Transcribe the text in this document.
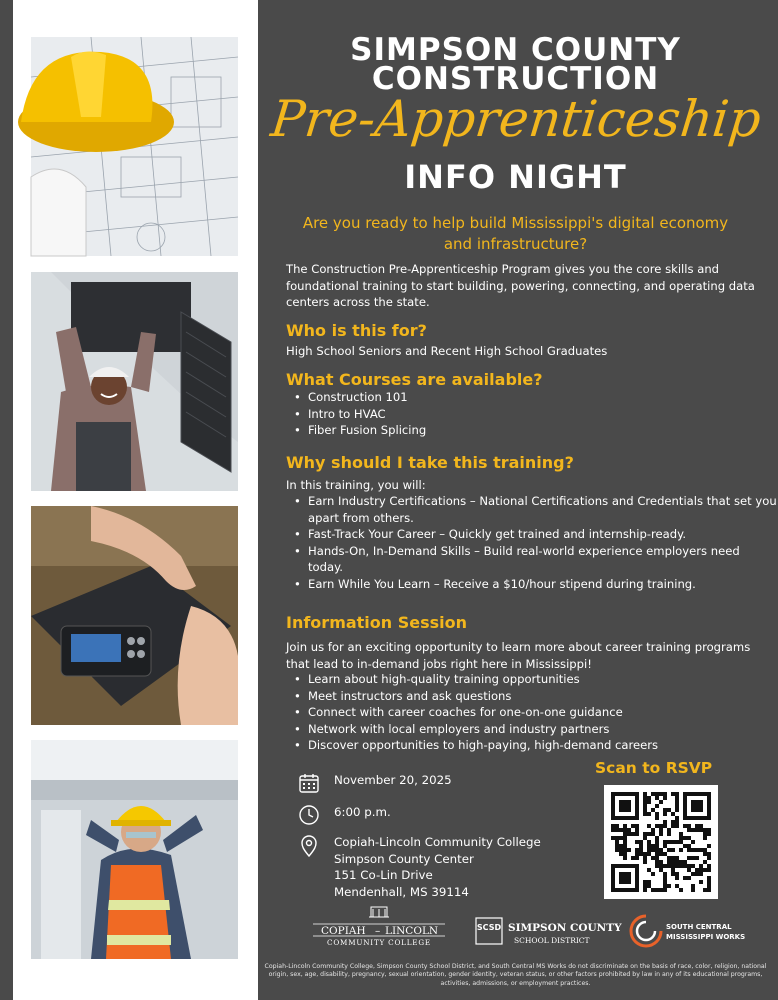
SIMPSON COUNTY
CONSTRUCTION
Pre-Apprenticeship
INFO NIGHT
Are you ready to help build Mississippi's digital economy and infrastructure?
The Construction Pre-Apprenticeship Program gives you the core skills and foundational training to start building, powering, connecting, and operating data centers across the state.
Who is this for?
High School Seniors and Recent High School Graduates
What Courses are available?
• Construction 101
• Intro to HVAC
• Fiber Fusion Splicing
Why should I take this training?
In this training, you will:
• Earn Industry Certifications – National Certifications and Credentials that set you apart from others.
• Fast-Track Your Career – Quickly get trained and internship-ready.
• Hands-On, In-Demand Skills – Build real-world experience employers need today.
• Earn While You Learn – Receive a $10/hour stipend during training.
Information Session
Join us for an exciting opportunity to learn more about career training programs that lead to in-demand jobs right here in Mississippi!
• Learn about high-quality training opportunities
• Meet instructors and ask questions
• Connect with career coaches for one-on-one guidance
• Network with local employers and industry partners
• Discover opportunities to high-paying, high-demand careers
November 20, 2025
6:00 p.m.
Copiah-Lincoln Community College
Simpson County Center
151 Co-Lin Drive
Mendenhall, MS 39114
Scan to RSVP
COPIAH – LINCOLN
COMMUNITY COLLEGE
SCSD SIMPSON COUNTY
SCHOOL DISTRICT
SOUTH CENTRAL
MISSISSIPPI WORKS
Copiah-Lincoln Community College, Simpson County School District, and South Central MS Works do not discriminate on the basis of race, color, religion, national origin, sex, age, disability, pregnancy, sexual orientation, gender identity, veteran status, or other factors prohibited by law in any of its educational programs, activities, admissions, or employment practices.
